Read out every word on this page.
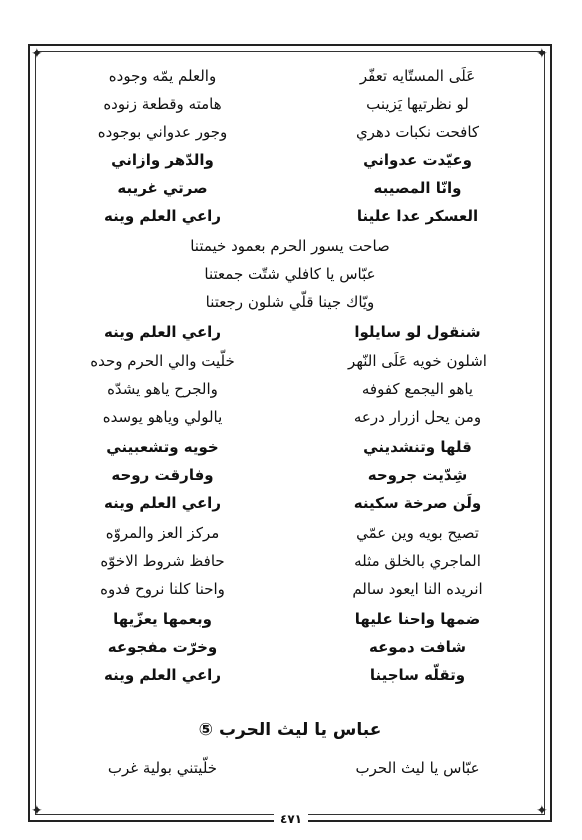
✦	✦
✦	✦
عَلَى المستّايه تعفّر
والعلم يمّه وجوده
لو نظرتيها يَزينب
هامته وقطعة زنوده
كافحت نكبات دهري
وجور عدواني بوجوده
وعيّدت عدواني
والدّهر وازاني
وانّا المصيبه
صرتي غريبه
العسكر عدا علينا
راعي العلم وينه
صاحت يسور الحرم بعمود خيمتنا
عبّاس يا كافلي شتّت جمعتنا
ويّاك جينا قلّي شلون رجعتنا
شنقول لو سايلوا
راعي العلم وينه
اشلون خويه عَلَى النّهر
خلّيت والي الحرم وحده
ياهو اليجمع كفوفه
والجرح ياهو يشدّه
ومن يحل ازرار درعه
يالولي وياهو يوسده
قلها وتنشديني
خويه وتشعبيني
شِدّيت جروحه
وفارقت روحه
ولَن صرخة سكينه
راعي العلم وينه
تصيح بويه وين عمّي
مركز العز والمروّه
الماجري بالخلق مثله
حافظ شروط الاخوّه
انريده النا ايعود سالم
واحنا كلنا نروح فدوه
ضمها واحنا عليها
وبعمها يعزّيها
شافت دموعه
وخرّت مفجوعه
وتقلّه ساجينا
راعي العلم وينه
عباس يا ليث الحرب ⑤
عبّاس يا ليث الحرب
خلّيتني بولية غرب
٤٧١
